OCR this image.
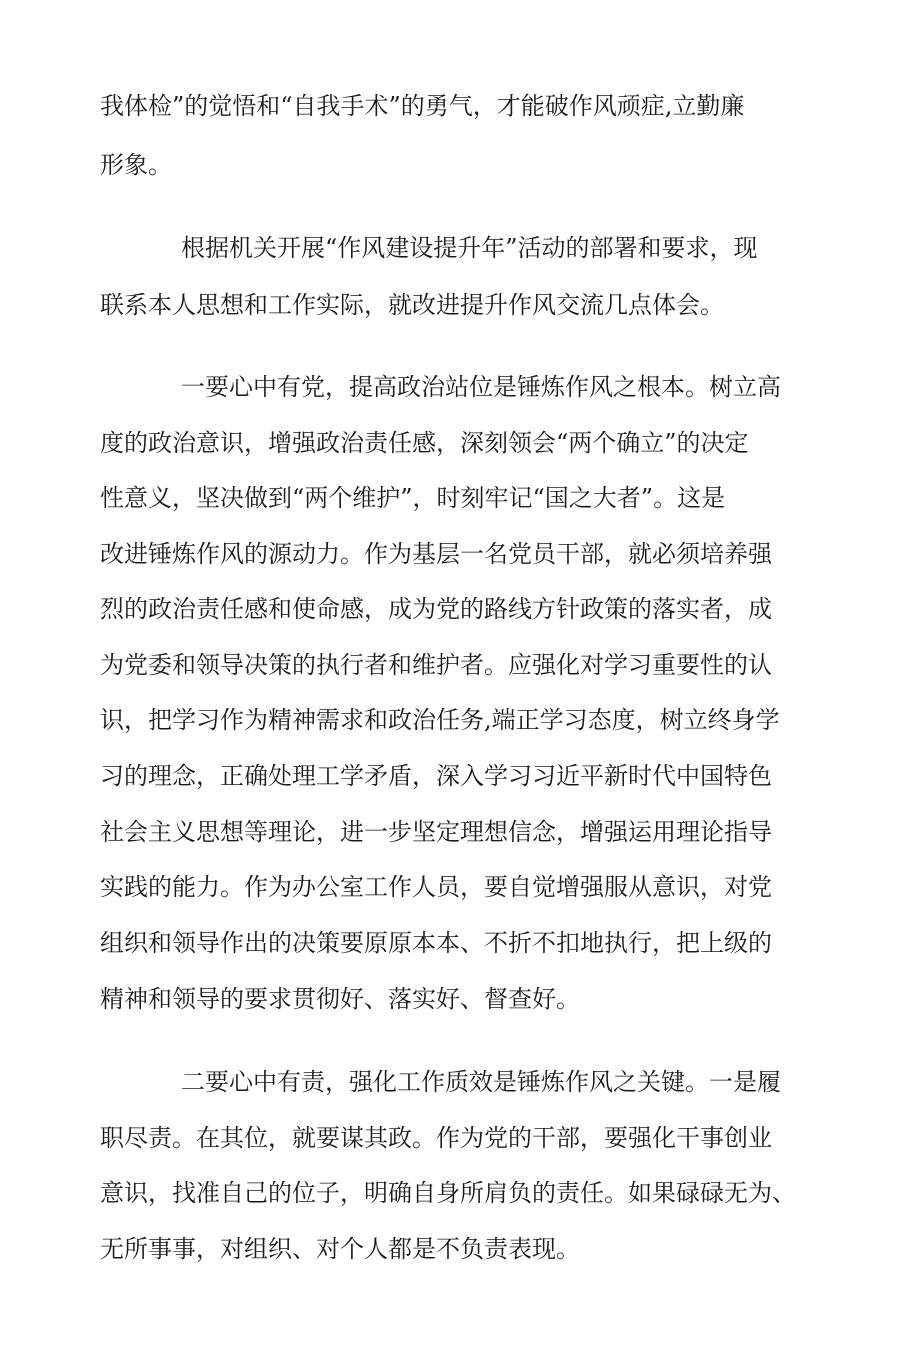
我体检”的觉悟和“自我手术”的勇气，才能破作风顽症,立勤廉

形象。

根据机关开展“作风建设提升年”活动的部署和要求，现

联系本人思想和工作实际，就改进提升作风交流几点体会。

一要心中有党，提高政治站位是锤炼作风之根本。树立高

度的政治意识，增强政治责任感，深刻领会“两个确立”的决定

性意义，坚决做到“两个维护”，时刻牢记“国之大者”。这是

改进锤炼作风的源动力。作为基层一名党员干部，就必须培养强

烈的政治责任感和使命感，成为党的路线方针政策的落实者，成

为党委和领导决策的执行者和维护者。应强化对学习重要性的认

识，把学习作为精神需求和政治任务,端正学习态度，树立终身学

习的理念，正确处理工学矛盾，深入学习习近平新时代中国特色

社会主义思想等理论，进一步坚定理想信念，增强运用理论指导

实践的能力。作为办公室工作人员，要自觉增强服从意识，对党

组织和领导作出的决策要原原本本、不折不扣地执行，把上级的

精神和领导的要求贯彻好、落实好、督查好。

二要心中有责，强化工作质效是锤炼作风之关键。一是履

职尽责。在其位，就要谋其政。作为党的干部，要强化干事创业

意识，找准自己的位子，明确自身所肩负的责任。如果碌碌无为、

无所事事，对组织、对个人都是不负责表现。
